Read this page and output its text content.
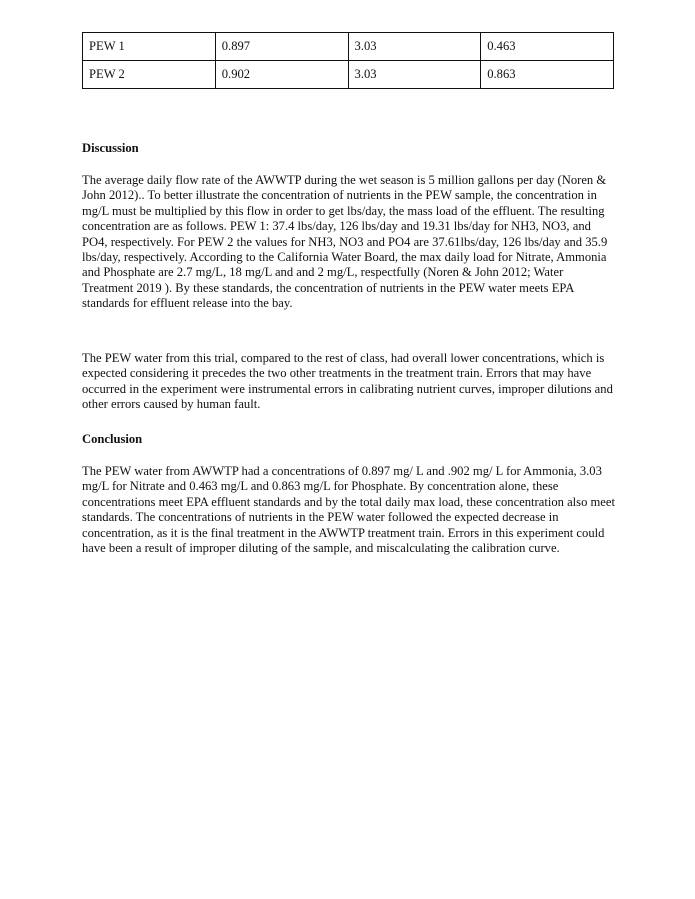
PEW 1	0.897	3.03	0.463
PEW 2	0.902	3.03	0.863
Discussion

The average daily flow rate of the AWWTP during the wet season is 5 million gallons per day (Noren & John 2012).. To better illustrate the concentration of nutrients in the PEW sample, the concentration in mg/L must be multiplied by this flow in order to get lbs/day, the mass load of the effluent. The resulting concentration are as follows. PEW 1: 37.4 lbs/day, 126 lbs/day and 19.31 lbs/day for NH3, NO3, and PO4, respectively. For PEW 2 the values for NH3, NO3 and PO4 are 37.61lbs/day, 126 lbs/day and 35.9 lbs/day, respectively. According to the California Water Board, the max daily load for Nitrate, Ammonia and Phosphate are 2.7 mg/L, 18 mg/L and and 2 mg/L, respectfully (Noren & John 2012; Water Treatment 2019 ). By these standards, the concentration of nutrients in the PEW water meets EPA standards for effluent release into the bay.

The PEW water from this trial, compared to the rest of class, had overall lower concentrations, which is expected considering it precedes the two other treatments in the treatment train. Errors that may have occurred in the experiment were instrumental errors in calibrating nutrient curves, improper dilutions and other errors caused by human fault.

Conclusion

The PEW water from AWWTP had a concentrations of 0.897 mg/ L and .902 mg/ L for Ammonia, 3.03 mg/L for Nitrate and 0.463 mg/L and 0.863 mg/L for Phosphate. By concentration alone, these concentrations meet EPA effluent standards and by the total daily max load, these concentration also meet standards. The concentrations of nutrients in the PEW water followed the expected decrease in concentration, as it is the final treatment in the AWWTP treatment train. Errors in this experiment could have been a result of improper diluting of the sample, and miscalculating the calibration curve.
